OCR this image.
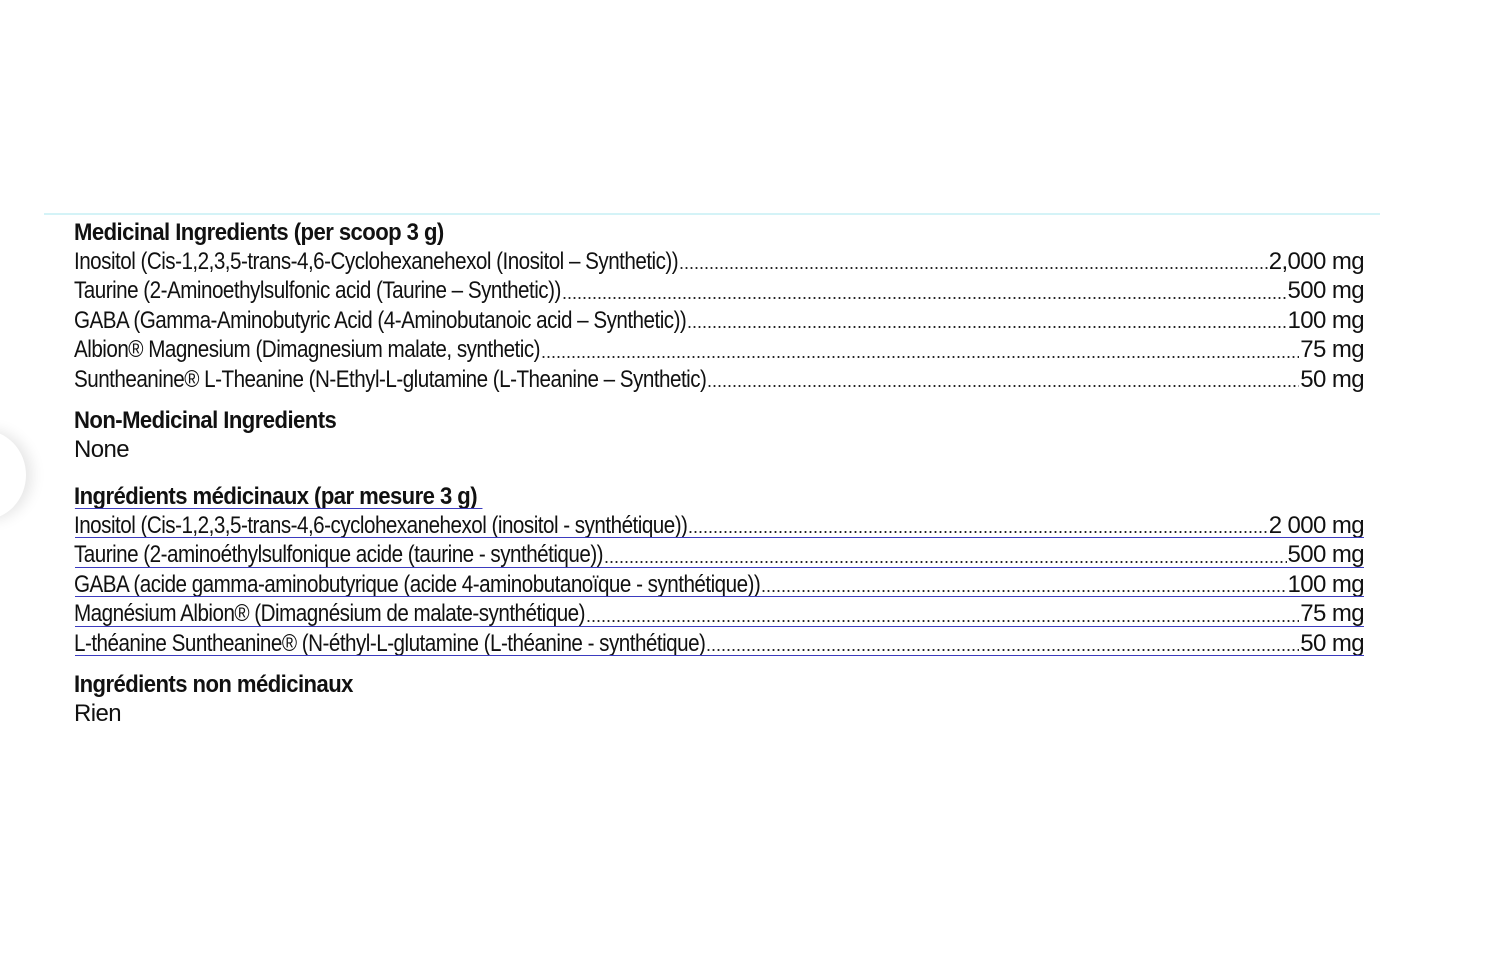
Medicinal Ingredients (per scoop 3 g)
Inositol (Cis-1,2,3,5-trans-4,6-Cyclohexanehexol (Inositol – Synthetic))	2,000 mg
Taurine (2-Aminoethylsulfonic acid (Taurine – Synthetic))	500 mg
GABA (Gamma-Aminobutyric Acid (4-Aminobutanoic acid – Synthetic))	100 mg
Albion® Magnesium (Dimagnesium malate, synthetic)	75 mg
Suntheanine® L-Theanine (N-Ethyl-L-glutamine (L-Theanine – Synthetic)	50 mg
Non-Medicinal Ingredients
None
Ingrédients médicinaux (par mesure 3 g)
Inositol (Cis-1,2,3,5-trans-4,6-cyclohexanehexol (inositol - synthétique))	2 000 mg
Taurine (2-aminoéthylsulfonique acide (taurine - synthétique))	500 mg
GABA (acide gamma-aminobutyrique (acide 4-aminobutanoïque - synthétique))	100 mg
Magnésium Albion® (Dimagnésium de malate-synthétique)	75 mg
L-théanine Suntheanine® (N-éthyl-L-glutamine (L-théanine - synthétique)	50 mg
Ingrédients non médicinaux
Rien
